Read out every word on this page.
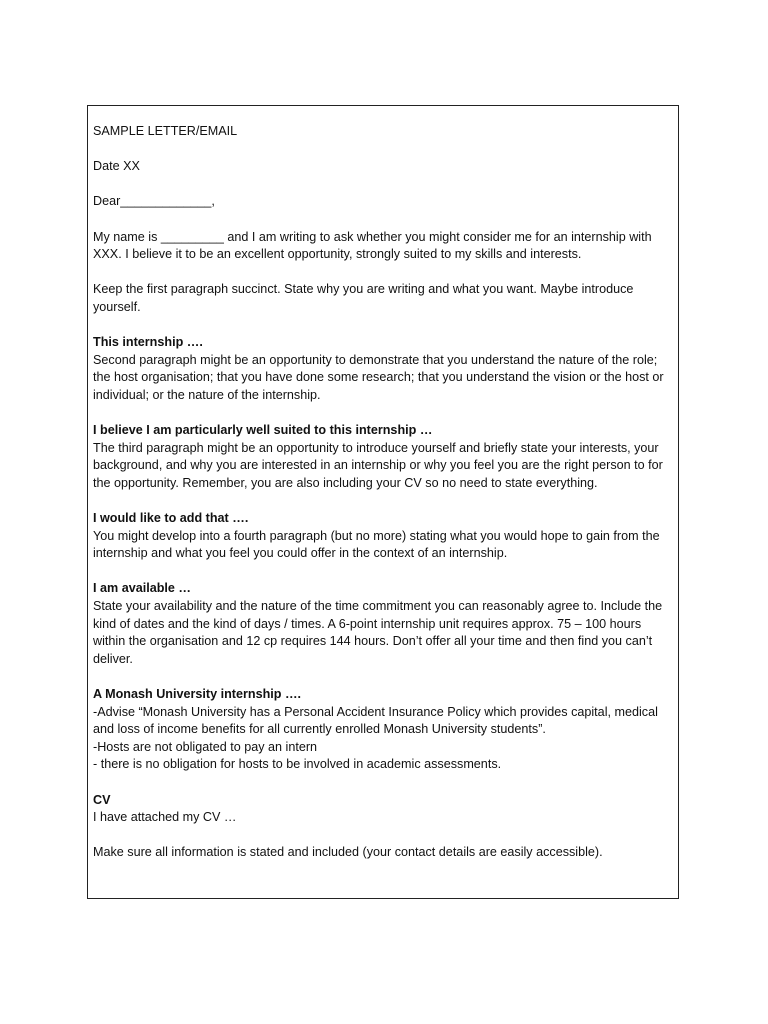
SAMPLE LETTER/EMAIL
Date XX
Dear_____________,
My name is _________ and I am writing to ask whether you might consider me for an internship with XXX. I believe it to be an excellent opportunity, strongly suited to my skills and interests.
Keep the first paragraph succinct. State why you are writing and what you want. Maybe introduce yourself.
This internship ….
Second paragraph might be an opportunity to demonstrate that you understand the nature of the role; the host organisation; that you have done some research; that you understand the vision or the host or individual; or the nature of the internship.
I believe I am particularly well suited to this internship …
The third paragraph might be an opportunity to introduce yourself and briefly state your interests, your background, and why you are interested in an internship or why you feel you are the right person to for the opportunity. Remember, you are also including your CV so no need to state everything.
I would like to add that ….
You might develop into a fourth paragraph (but no more) stating what you would hope to gain from the internship and what you feel you could offer in the context of an internship.
I am available …
State your availability and the nature of the time commitment you can reasonably agree to. Include the kind of dates and the kind of days / times. A 6-point internship unit requires approx. 75 – 100 hours within the organisation and 12 cp requires 144 hours. Don’t offer all your time and then find you can’t deliver.
A Monash University internship ….
-Advise “Monash University has a Personal Accident Insurance Policy which provides capital, medical and loss of income benefits for all currently enrolled Monash University students”.
-Hosts are not obligated to pay an intern
- there is no obligation for hosts to be involved in academic assessments.
CV
I have attached my CV …
Make sure all information is stated and included (your contact details are easily accessible).
